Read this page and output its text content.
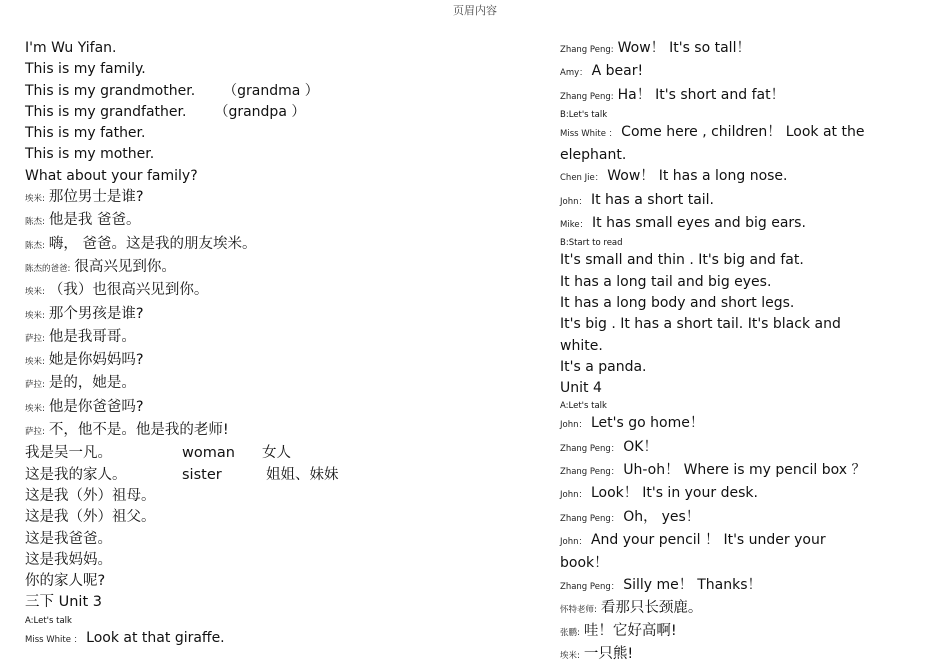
页眉内容
I'm Wu Yifan.
This is my family.
This is my grandmother. （grandma ）
This is my grandfather. （grandpa ）
This is my father.
This is my mother.
What about your family?
埃米: 那位男士是谁?
陈杰: 他是我 爸爸。
陈杰: 嗨， 爸爸。这是我的朋友埃米。
陈杰的爸爸: 很高兴见到你。
埃米: （我）也很高兴见到你。
埃米: 那个男孩是谁?
萨拉: 他是我哥哥。
埃米: 她是你妈妈吗?
萨拉: 是的，她是。
埃米: 他是你爸爸吗?
萨拉: 不，他不是。他是我的老师!
我是吴一凡。	woman 女人
这是我的家人。	sister	姐姐、妹妹
这是我（外）祖母。
这是我（外）祖父。
这是我爸爸。
这是我妈妈。
你的家人呢?
三下 Unit 3
A:Let's talk
Miss White ： Look at that giraffe.
Zhang Peng: Wow！ It's so tall！
Amy： A bear!
Zhang Peng: Ha！ It's short and fat！
B:Let's talk
Miss White ： Come here , children！ Look at the elephant.
Chen Jie： Wow！ It has a long nose.
John： It has a short tail.
Mike： It has small eyes and big ears.
B:Start to read
It's small and thin . It's big and fat.
It has a long tail and big eyes.
It has a long body and short legs.
It's big . It has a short tail. It's black and white.
It's a panda.
Unit 4
A:Let's talk
John： Let's go home！
Zhang Peng： OK！
Zhang Peng： Uh-oh！ Where is my pencil box ？
John： Look！ It's in your desk.
Zhang Peng： Oh， yes！
John： And your pencil ！ It's under your book！
Zhang Peng： Silly me！ Thanks！
怀特老师: 看那只长颈鹿。
张鹏: 哇！它好高啊!
埃米: 一只熊!
